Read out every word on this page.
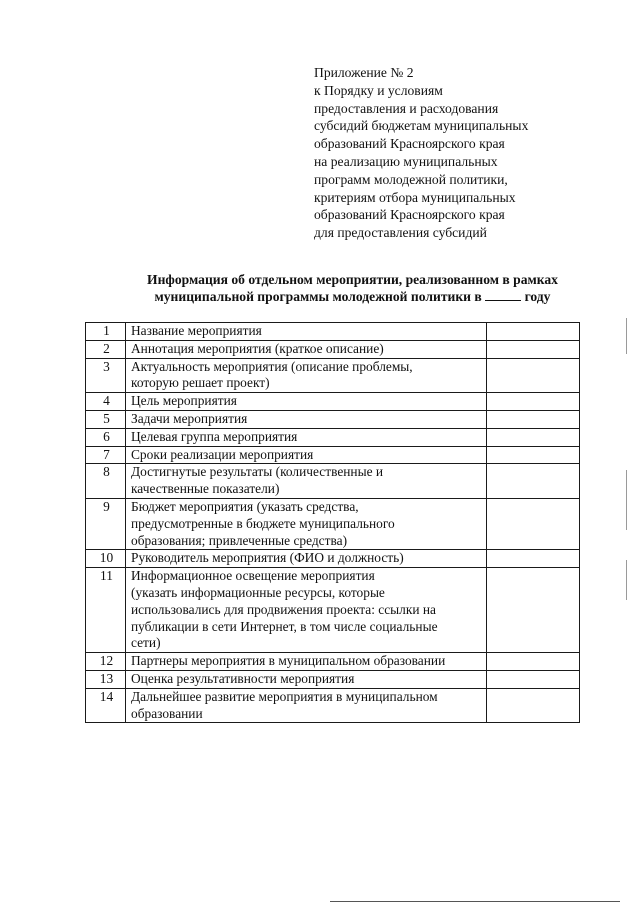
Приложение № 2
к Порядку и условиям
предоставления и расходования
субсидий бюджетам муниципальных
образований Красноярского края
на реализацию муниципальных
программ молодежной политики,
критериям отбора муниципальных
образований Красноярского края
для предоставления субсидий
Информация об отдельном мероприятии, реализованном в рамках
муниципальной программы молодежной политики в	году
1	Название мероприятия	

2	Аннотация мероприятия (краткое описание)	

3	Актуальность мероприятия (описание проблемы,
которую решает проект)	

4	Цель мероприятия	

5	Задачи мероприятия	

6	Целевая группа мероприятия	

7	Сроки реализации мероприятия	

8	Достигнутые результаты (количественные и
качественные показатели)	

9	Бюджет мероприятия (указать средства,
предусмотренные в бюджете муниципального
образования; привлеченные средства)	

10	Руководитель мероприятия (ФИО и должность)	

11	Информационное освещение мероприятия
(указать информационные ресурсы, которые
использовались для продвижения проекта: ссылки на
публикации в сети Интернет, в том числе социальные
сети)	

12	Партнеры мероприятия в муниципальном образовании	

13	Оценка результативности мероприятия	

14	Дальнейшее развитие мероприятия в муниципальном
образовании	
